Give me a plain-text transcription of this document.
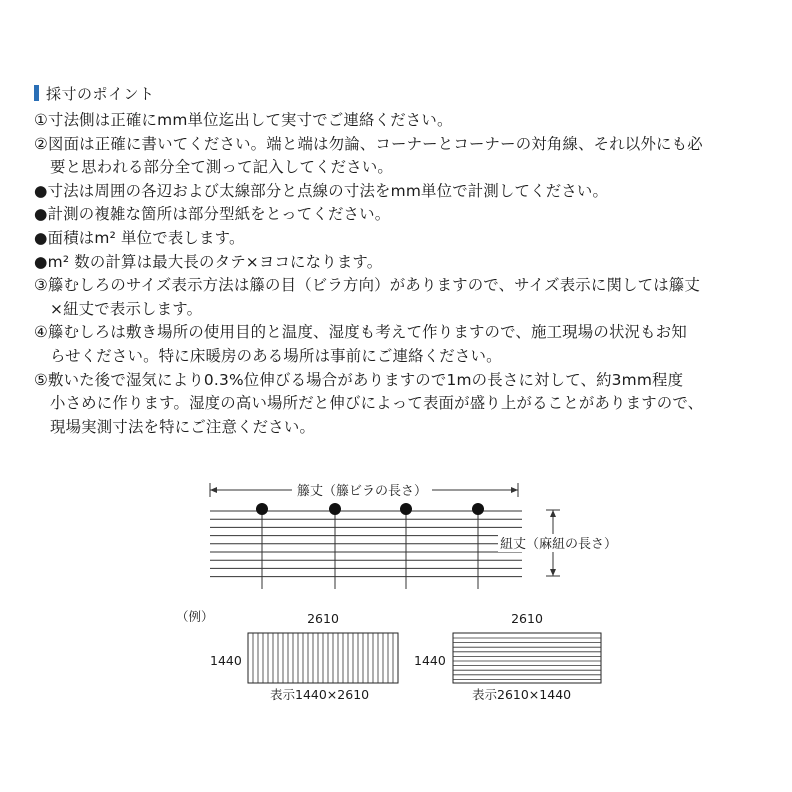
採寸のポイント
①寸法側は正確にmm単位迄出して実寸でご連絡ください。
②図面は正確に書いてください。端と端は勿論、コーナーとコーナーの対角線、それ以外にも必
要と思われる部分全て測って記入してください。
●寸法は周囲の各辺および太線部分と点線の寸法をmm単位で計測してください。
●計測の複雑な箇所は部分型紙をとってください。
●面積はm² 単位で表します。
●m² 数の計算は最大長のタテ×ヨコになります。
③籐むしろのサイズ表示方法は籐の目（ビラ方向）がありますので、サイズ表示に関しては籐丈
×紐丈で表示します。
④籐むしろは敷き場所の使用目的と温度、湿度も考えて作りますので、施工現場の状況もお知
らせください。特に床暖房のある場所は事前にご連絡ください。
⑤敷いた後で湿気により0.3%位伸びる場合がありますので1mの長さに対して、約3mm程度
小さめに作ります。湿度の高い場所だと伸びによって表面が盛り上がることがありますので、
現場実測寸法を特にご注意ください。
籐丈（籐ビラの長さ）
紐丈（麻紐の長さ）
（例）	2610
1440
表示1440×2610
2610
1440
表示2610×1440
